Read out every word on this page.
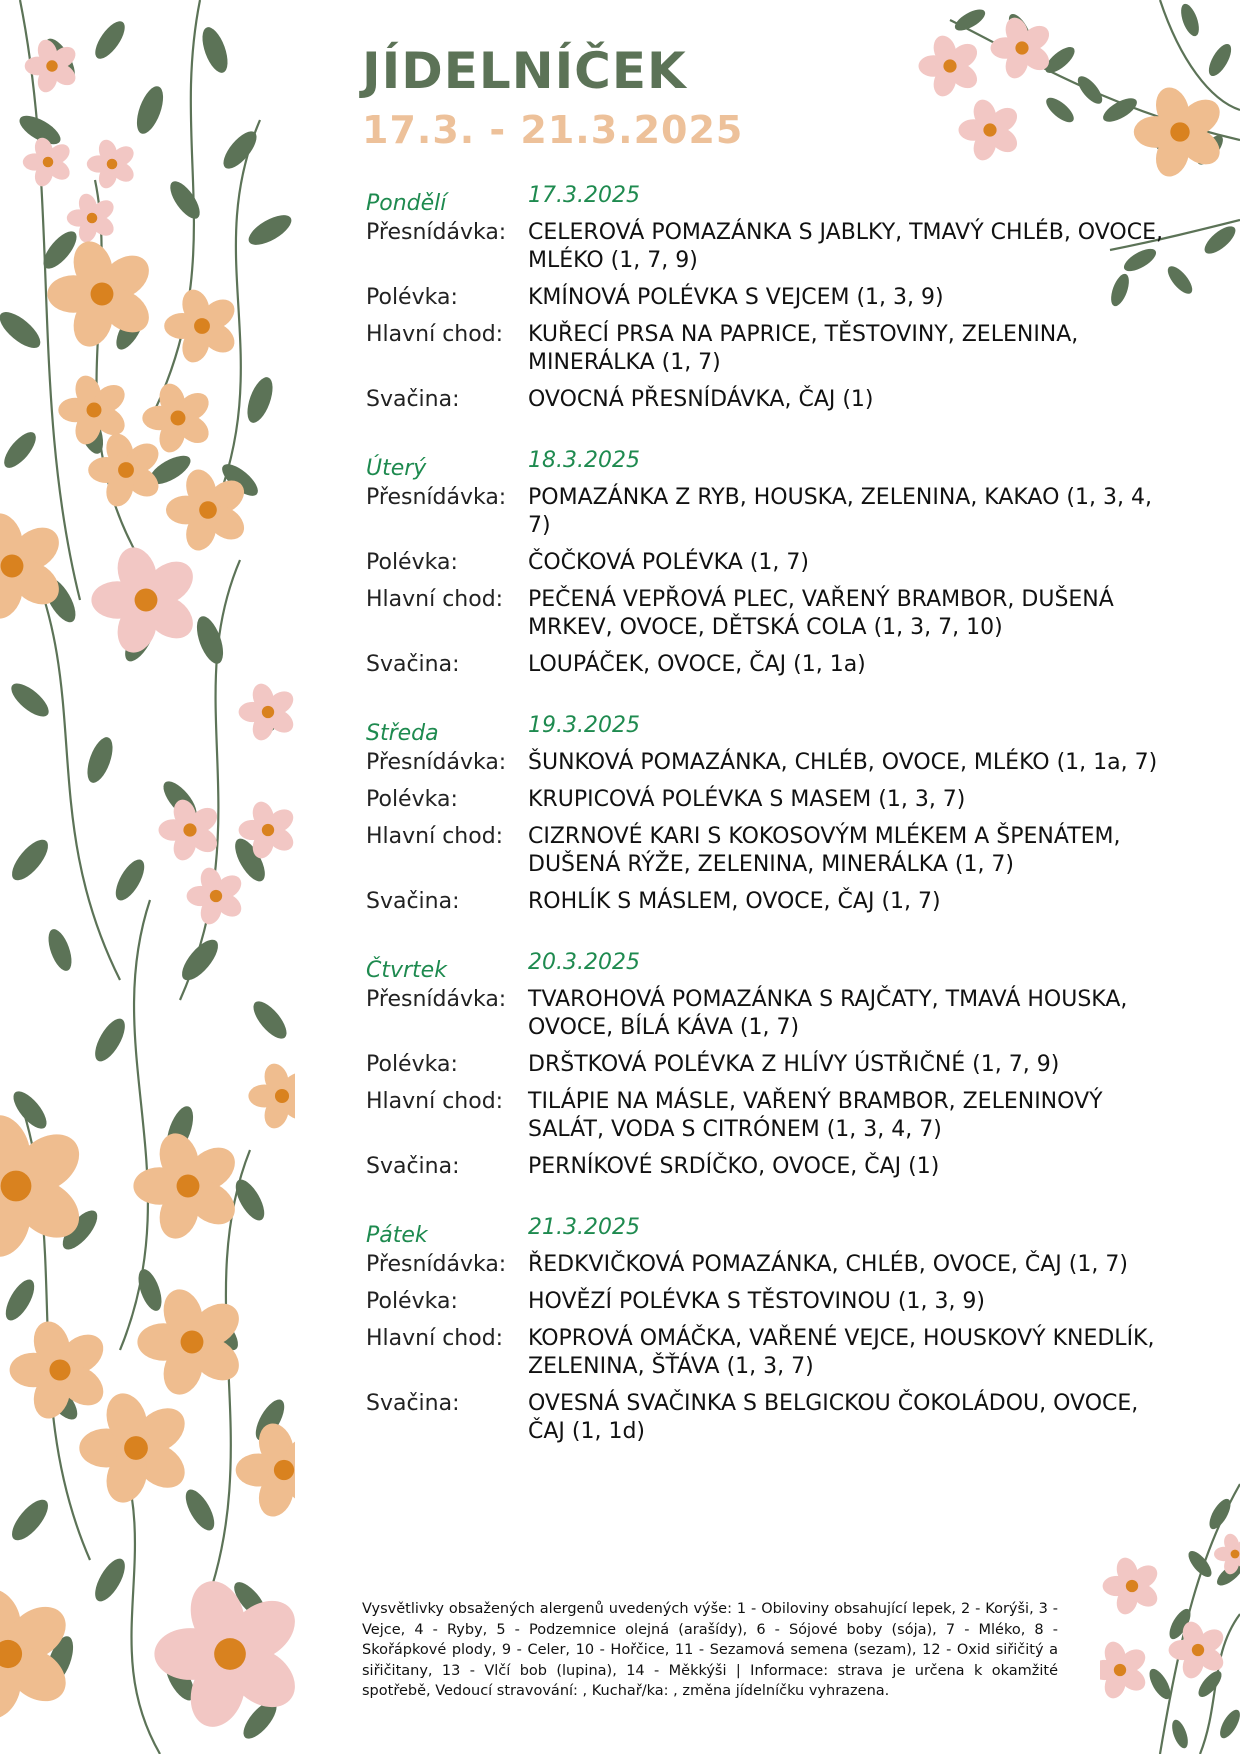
JÍDELNÍČEK
17.3. - 21.3.2025
Pondělí	17.3.2025
Přesnídávka: CELEROVÁ POMAZÁNKA S JABLKY, TMAVÝ CHLÉB, OVOCE, MLÉKO (1, 7, 9)
Polévka:	KMÍNOVÁ POLÉVKA S VEJCEM (1, 3, 9)
Hlavní chod:	KUŘECÍ PRSA NA PAPRICE, TĚSTOVINY, ZELENINA, MINERÁLKA (1, 7)
Svačina:	OVOCNÁ PŘESNÍDÁVKA, ČAJ (1)
Úterý	18.3.2025
Přesnídávka: POMAZÁNKA Z RYB, HOUSKA, ZELENINA, KAKAO (1, 3, 4, 7)
Polévka:	ČOČKOVÁ POLÉVKA (1, 7)
Hlavní chod:	PEČENÁ VEPŘOVÁ PLEC, VAŘENÝ BRAMBOR, DUŠENÁ MRKEV, OVOCE, DĚTSKÁ COLA (1, 3, 7, 10)
Svačina:	LOUPÁČEK, OVOCE, ČAJ (1, 1a)
Středa	19.3.2025
Přesnídávka: ŠUNKOVÁ POMAZÁNKA, CHLÉB, OVOCE, MLÉKO (1, 1a, 7)
Polévka:	KRUPICOVÁ POLÉVKA S MASEM (1, 3, 7)
Hlavní chod:	CIZRNOVÉ KARI S KOKOSOVÝM MLÉKEM A ŠPENÁTEM, DUŠENÁ RÝŽE, ZELENINA, MINERÁLKA (1, 7)
Svačina:	ROHLÍK S MÁSLEM, OVOCE, ČAJ (1, 7)
Čtvrtek	20.3.2025
Přesnídávka: TVAROHOVÁ POMAZÁNKA S RAJČATY, TMAVÁ HOUSKA, OVOCE, BÍLÁ KÁVA (1, 7)
Polévka:	DRŠTKOVÁ POLÉVKA Z HLÍVY ÚSTŘIČNÉ (1, 7, 9)
Hlavní chod:	TILÁPIE NA MÁSLE, VAŘENÝ BRAMBOR, ZELENINOVÝ SALÁT, VODA S CITRÓNEM (1, 3, 4, 7)
Svačina:	PERNÍKOVÉ SRDÍČKO, OVOCE, ČAJ (1)
Pátek	21.3.2025
Přesnídávka: ŘEDKVIČKOVÁ POMAZÁNKA, CHLÉB, OVOCE, ČAJ (1, 7)
Polévka:	HOVĚZÍ POLÉVKA S TĚSTOVINOU (1, 3, 9)
Hlavní chod:	KOPROVÁ OMÁČKA, VAŘENÉ VEJCE, HOUSKOVÝ KNEDLÍK, ZELENINA, ŠŤÁVA (1, 3, 7)
Svačina:	OVESNÁ SVAČINKA S BELGICKOU ČOKOLÁDOU, OVOCE, ČAJ (1, 1d)

Vysvětlivky obsažených alergenů uvedených výše: 1 - Obiloviny obsahující lepek, 2 - Korýši, 3 - Vejce, 4 - Ryby, 5 - Podzemnice olejná (arašídy), 6 - Sójové boby (sója), 7 - Mléko, 8 - Skořápkové plody, 9 - Celer, 10 - Hořčice, 11 - Sezamová semena (sezam), 12 - Oxid siřičitý a siřičitany, 13 - Vlčí bob (lupina), 14 - Měkkýši | Informace: strava je určena k okamžité spotřebě, Vedoucí stravování: , Kuchař/ka: , změna jídelníčku vyhrazena.
